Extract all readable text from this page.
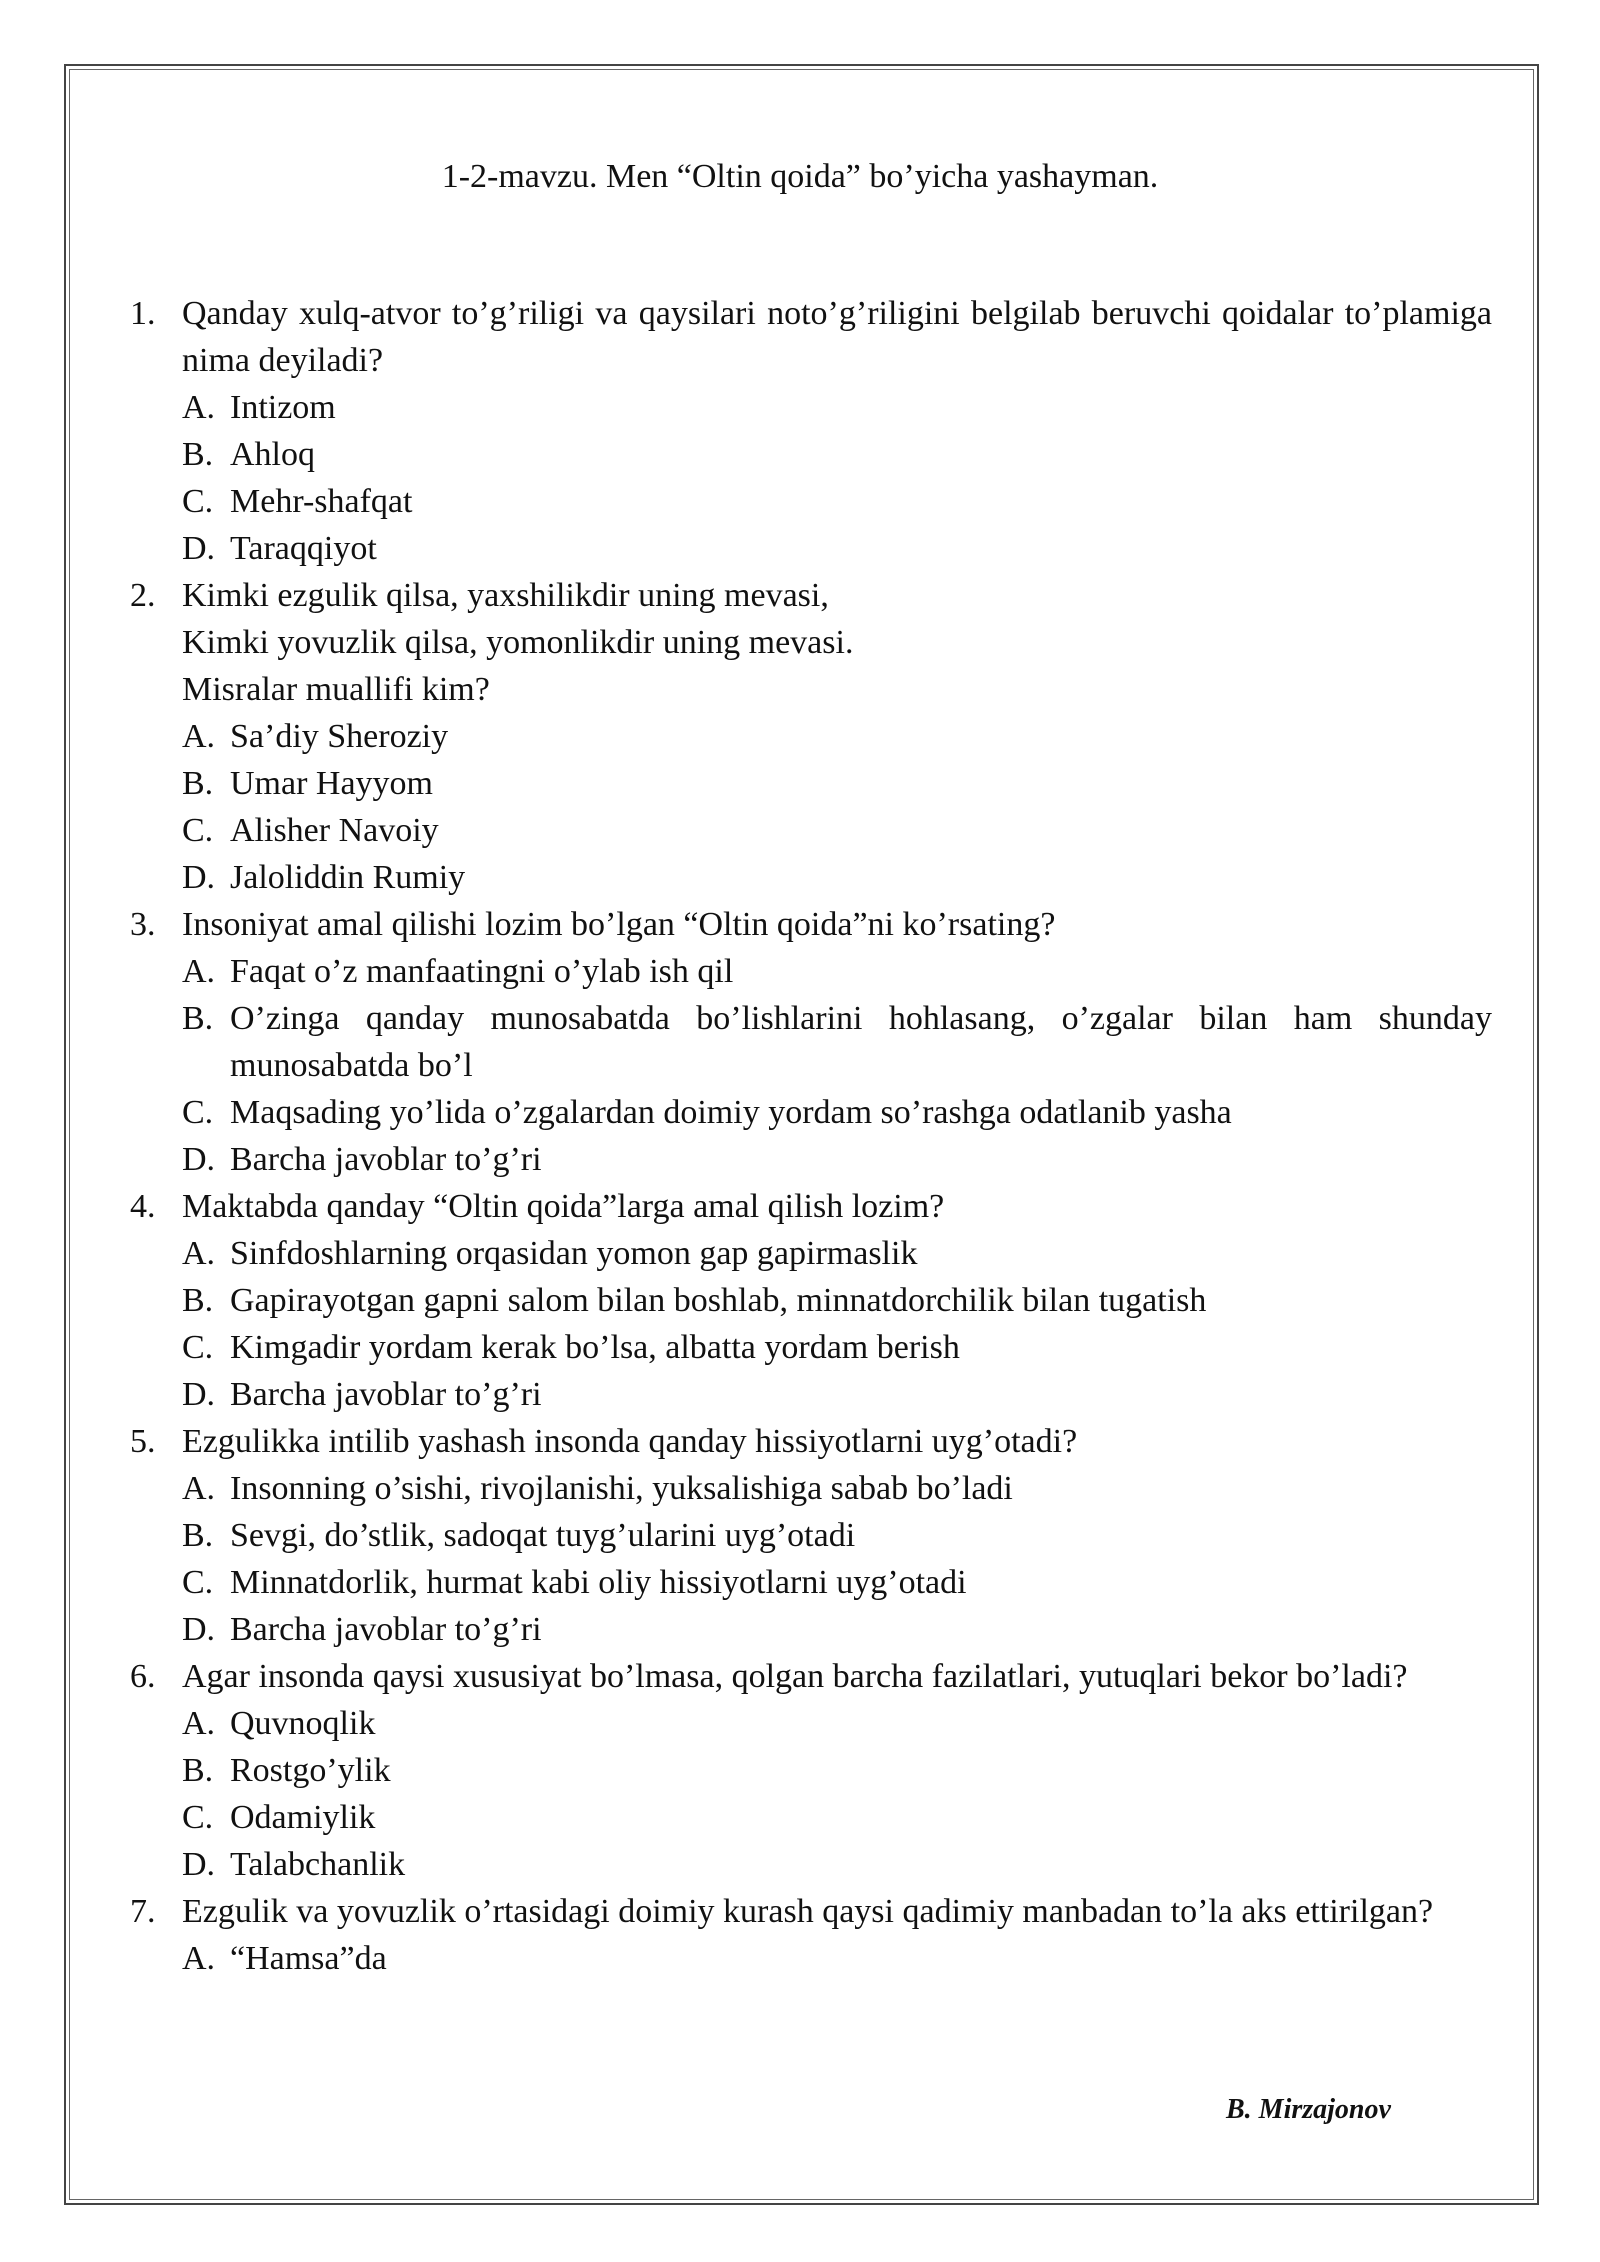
1-2-mavzu. Men “Oltin qoida” bo’yicha yashayman.
1. Qanday xulq-atvor to’g’riligi va qaysilari noto’g’riligini belgilab beruvchi qoidalar to’plamiga nima deyiladi?
A. Intizom
B. Ahloq
C. Mehr-shafqat
D. Taraqqiyot
2. Kimki ezgulik qilsa, yaxshilikdir uning mevasi,
Kimki yovuzlik qilsa, yomonlikdir uning mevasi.
Misralar muallifi kim?
A. Sa’diy Sheroziy
B. Umar Hayyom
C. Alisher Navoiy
D. Jaloliddin Rumiy
3. Insoniyat amal qilishi lozim bo’lgan “Oltin qoida”ni ko’rsating?
A. Faqat o’z manfaatingni o’ylab ish qil
B. O’zinga qanday munosabatda bo’lishlarini hohlasang, o’zgalar bilan ham shunday munosabatda bo’l
C. Maqsading yo’lida o’zgalardan doimiy yordam so’rashga odatlanib yasha
D. Barcha javoblar to’g’ri
4. Maktabda qanday “Oltin qoida”larga amal qilish lozim?
A. Sinfdoshlarning orqasidan yomon gap gapirmaslik
B. Gapirayotgan gapni salom bilan boshlab, minnatdorchilik bilan tugatish
C. Kimgadir yordam kerak bo’lsa, albatta yordam berish
D. Barcha javoblar to’g’ri
5. Ezgulikka intilib yashash insonda qanday hissiyotlarni uyg’otadi?
A. Insonning o’sishi, rivojlanishi, yuksalishiga sabab bo’ladi
B. Sevgi, do’stlik, sadoqat tuyg’ularini uyg’otadi
C. Minnatdorlik, hurmat kabi oliy hissiyotlarni uyg’otadi
D. Barcha javoblar to’g’ri
6. Agar insonda qaysi xususiyat bo’lmasa, qolgan barcha fazilatlari, yutuqlari bekor bo’ladi?
A. Quvnoqlik
B. Rostgo’ylik
C. Odamiylik
D. Talabchanlik
7. Ezgulik va yovuzlik o’rtasidagi doimiy kurash qaysi qadimiy manbadan to’la aks ettirilgan?
A. “Hamsa”da
B. Mirzajonov
